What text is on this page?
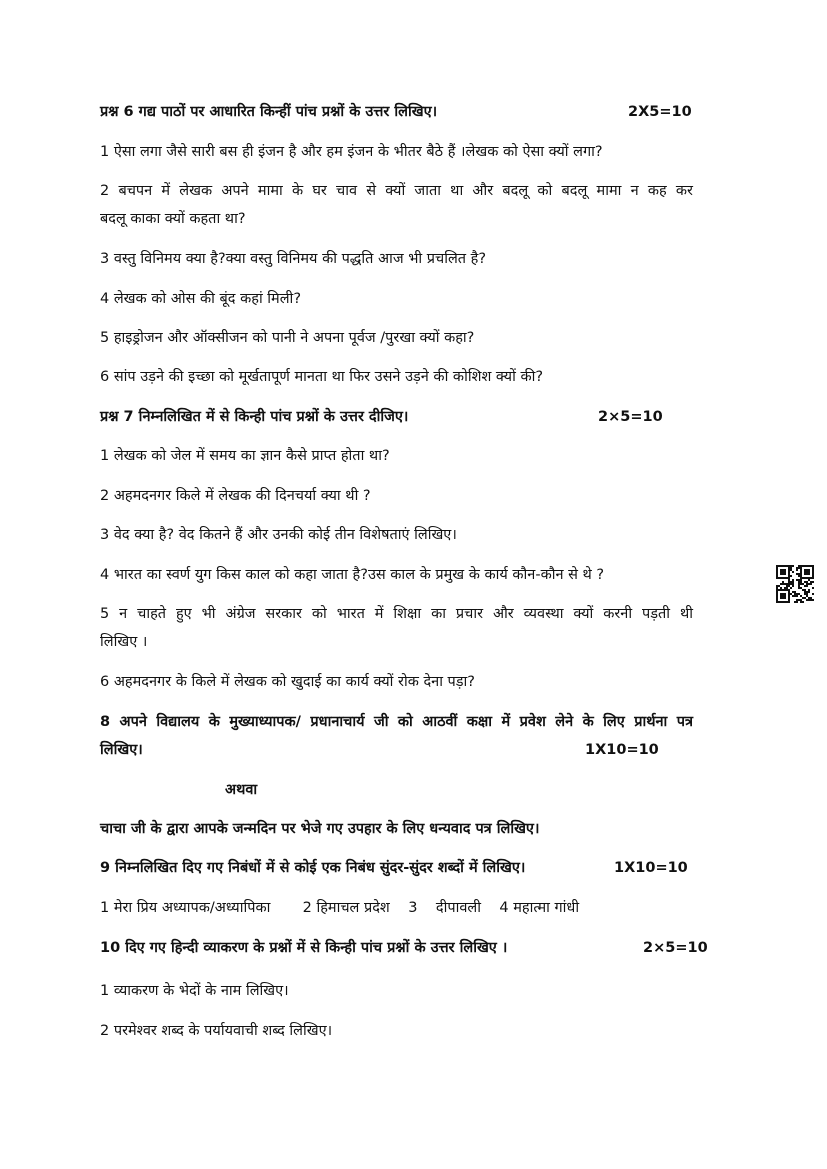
प्रश्न 6 गद्य पाठों पर आधारित किन्हीं पांच प्रश्नों के उत्तर लिखिए।	2X5=10
1 ऐसा लगा जैसे सारी बस ही इंजन है और हम इंजन के भीतर बैठे हैं ।लेखक को ऐसा क्यों लगा?
2 बचपन में लेखक अपने मामा के घर चाव से क्यों जाता था और बदलू को बदलू मामा न कह कर
बदलू काका क्यों कहता था?
3 वस्तु विनिमय क्या है?क्या वस्तु विनिमय की पद्धति आज भी प्रचलित है?
4 लेखक को ओस की बूंद कहां मिली?
5 हाइड्रोजन और ऑक्सीजन को पानी ने अपना पूर्वज /पुरखा क्यों कहा?
6 सांप उड़ने की इच्छा को मूर्खतापूर्ण मानता था फिर उसने उड़ने की कोशिश क्यों की?
प्रश्न 7 निम्नलिखित में से किन्ही पांच प्रश्नों के उत्तर दीजिए।	2×5=10
1 लेखक को जेल में समय का ज्ञान कैसे प्राप्त होता था?
2 अहमदनगर किले में लेखक की दिनचर्या क्या थी ?
3 वेद क्या है? वेद कितने हैं और उनकी कोई तीन विशेषताएं लिखिए।
4 भारत का स्वर्ण युग किस काल को कहा जाता है?उस काल के प्रमुख के कार्य कौन-कौन से थे ?
5 न चाहते हुए भी अंग्रेज सरकार को भारत में शिक्षा का प्रचार और व्यवस्था क्यों करनी पड़ती थी
लिखिए ।
6 अहमदनगर के किले में लेखक को खुदाई का कार्य क्यों रोक देना पड़ा?
8 अपने विद्यालय के मुख्याध्यापक/ प्रधानाचार्य जी को आठवीं कक्षा में प्रवेश लेने के लिए प्रार्थना पत्र
लिखिए।	1X10=10
अथवा
चाचा जी के द्वारा आपके जन्मदिन पर भेजे गए उपहार के लिए धन्यवाद पत्र लिखिए।
9 निम्नलिखित दिए गए निबंधों में से कोई एक निबंध सुंदर-सुंदर शब्दों में लिखिए।	1X10=10
1 मेरा प्रिय अध्यापक/अध्यापिका       2 हिमाचल प्रदेश    3    दीपावली    4 महात्मा गांधी
10 दिए गए हिन्दी व्याकरण के प्रश्नों में से किन्ही पांच प्रश्नों के उत्तर लिखिए ।	2×5=10
1 व्याकरण के भेदों के नाम लिखिए।
2 परमेश्वर शब्द के पर्यायवाची शब्द लिखिए।
